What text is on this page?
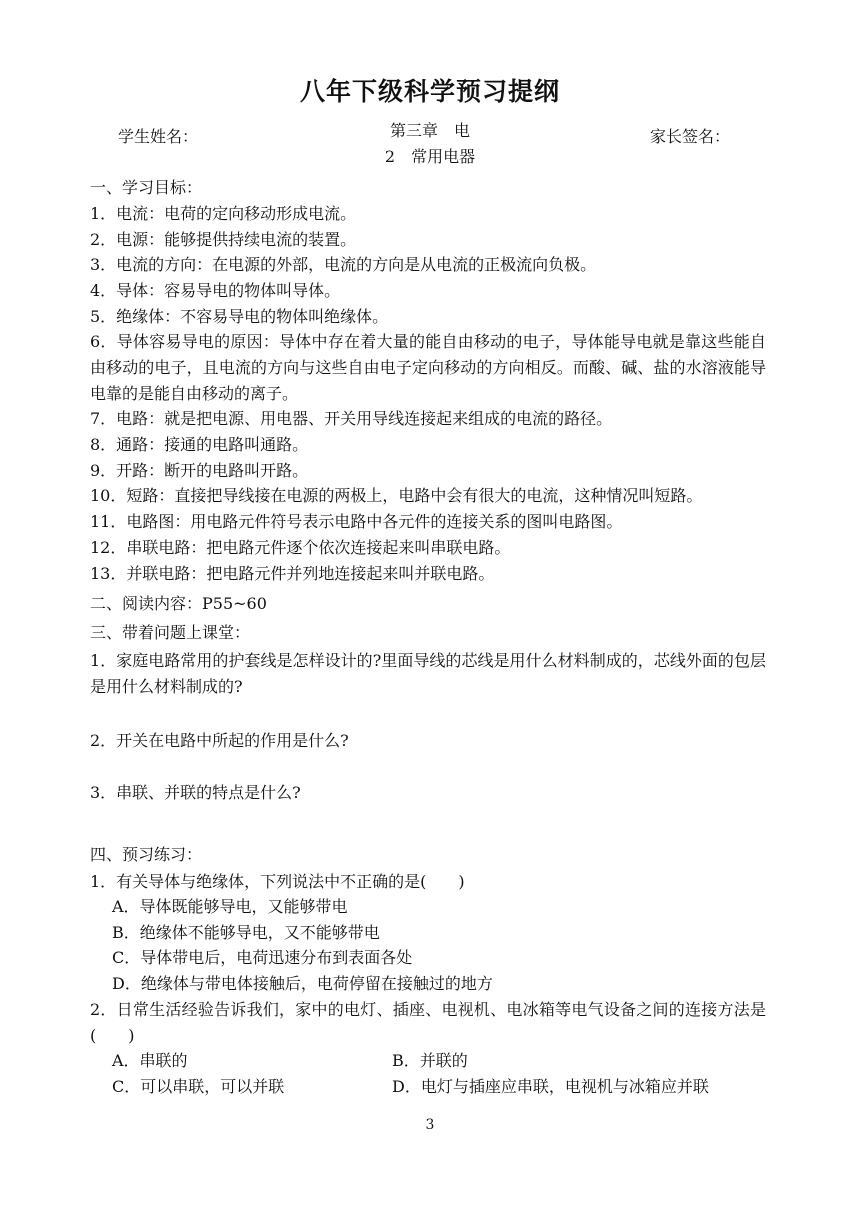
八年下级科学预习提纲
学生姓名：	第三章　电
2　常用电器
家长签名：
一、学习目标：
1．电流：电荷的定向移动形成电流。
2．电源：能够提供持续电流的装置。
3．电流的方向：在电源的外部，电流的方向是从电流的正极流向负极。
4．导体：容易导电的物体叫导体。
5．绝缘体：不容易导电的物体叫绝缘体。
6．导体容易导电的原因：导体中存在着大量的能自由移动的电子，导体能导电就是靠这些能自由移动的电子，且电流的方向与这些自由电子定向移动的方向相反。而酸、碱、盐的水溶液能导电靠的是能自由移动的离子。
7．电路：就是把电源、用电器、开关用导线连接起来组成的电流的路径。
8．通路：接通的电路叫通路。
9．开路：断开的电路叫开路。
10．短路：直接把导线接在电源的两极上，电路中会有很大的电流，这种情况叫短路。
11．电路图：用电路元件符号表示电路中各元件的连接关系的图叫电路图。
12．串联电路：把电路元件逐个依次连接起来叫串联电路。
13．并联电路：把电路元件并列地连接起来叫并联电路。
二、阅读内容：P55~60
三、带着问题上课堂：
1．家庭电路常用的护套线是怎样设计的?里面导线的芯线是用什么材料制成的，芯线外面的包层是用什么材料制成的?
2．开关在电路中所起的作用是什么?
3．串联、并联的特点是什么?
四、预习练习：
1．有关导体与绝缘体，下列说法中不正确的是(　　)
A．导体既能够导电，又能够带电
B．绝缘体不能够导电，又不能够带电
C．导体带电后，电荷迅速分布到表面各处
D．绝缘体与带电体接触后，电荷停留在接触过的地方
2．日常生活经验告诉我们，家中的电灯、插座、电视机、电冰箱等电气设备之间的连接方法是　(　　)
A．串联的	B．并联的
C．可以串联，可以并联	D．电灯与插座应串联，电视机与冰箱应并联
3
